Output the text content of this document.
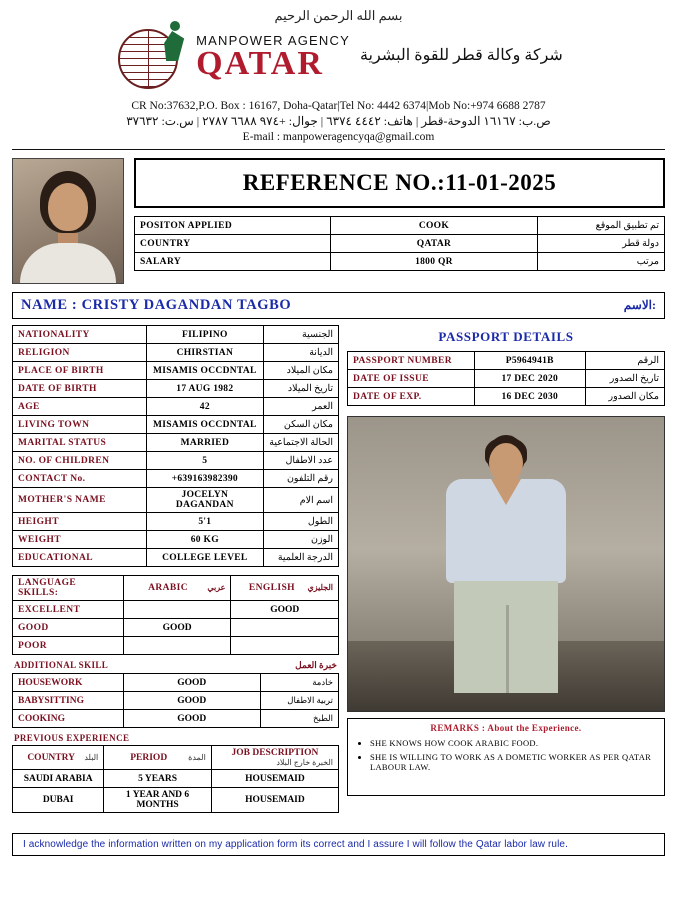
بسم الله الرحمن الرحيم
MANPOWER AGENCY
QATAR	شركة وكالة قطر للقوة البشرية
CR No:37632,P.O. Box : 16167, Doha-Qatar|Tel No: 4442 6374|Mob No:+974 6688 2787
ص.ب: ١٦١٦٧ الدوحة-قطر | هاتف: ٤٤٤٢ ٦٣٧٤ | جوال: +٩٧٤ ٦٦٨٨ ٢٧٨٧ | س.ت: ٣٧٦٣٢
E-mail : manpoweragencyqa@gmail.com
REFERENCE NO.:11-01-2025
POSITON APPLIED	COOK	تم تطبيق الموقع
COUNTRY	QATAR	دولة قطر
SALARY	1800 QR	مرتب
NAME : CRISTY DAGANDAN TAGBO	الاسم:
NATIONALITY	FILIPINO	الجنسية
RELIGION	CHIRSTIAN	الديانة
PLACE OF BIRTH	MISAMIS OCCDNTAL	مكان الميلاد
DATE OF BIRTH	17 AUG 1982	تاريخ الميلاد
AGE	42	العمر
LIVING TOWN	MISAMIS OCCDNTAL	مكان السكن
MARITAL STATUS	MARRIED	الحالة الاجتماعية
NO. OF CHILDREN	5	عدد الاطفال
CONTACT No.	+639163982390	رقم التلفون
MOTHER'S NAME	JOCELYN DAGANDAN	اسم الام
HEIGHT	5'1	الطول
WEIGHT	60 KG	الوزن
EDUCATIONAL	COLLEGE LEVEL	الدرجة العلمية
LANGUAGE SKILLS:	ARABIC عربي	ENGLISH الجليزي

EXCELLENT		GOOD
GOOD	GOOD	
POOR		
ADDITIONAL SKILL	خبرة العمل
HOUSEWORK	GOOD	خادمة
BABYSITTING	GOOD	تربية الاطفال
COOKING	GOOD	الطبخ
PREVIOUS EXPERIENCE
COUNTRY البلد	PERIOD المدة	JOB DESCRIPTION
الخبرة خارج البلاد

SAUDI ARABIA	5 YEARS	HOUSEMAID
DUBAI	1 YEAR AND 6 MONTHS	HOUSEMAID
PASSPORT DETAILS
PASSPORT NUMBER	P5964941B	الرقم
DATE OF ISSUE	17 DEC 2020	تاريخ الصدور
DATE OF EXP.	16 DEC 2030	مكان الصدور
REMARKS : About the Experience.
• SHE KNOWS HOW COOK ARABIC FOOD.
• SHE IS WILLING TO WORK AS A DOMETIC WORKER AS PER QATAR LABOUR LAW.
I acknowledge the information written on my application form its correct and I assure I will follow the Qatar labor law rule.
